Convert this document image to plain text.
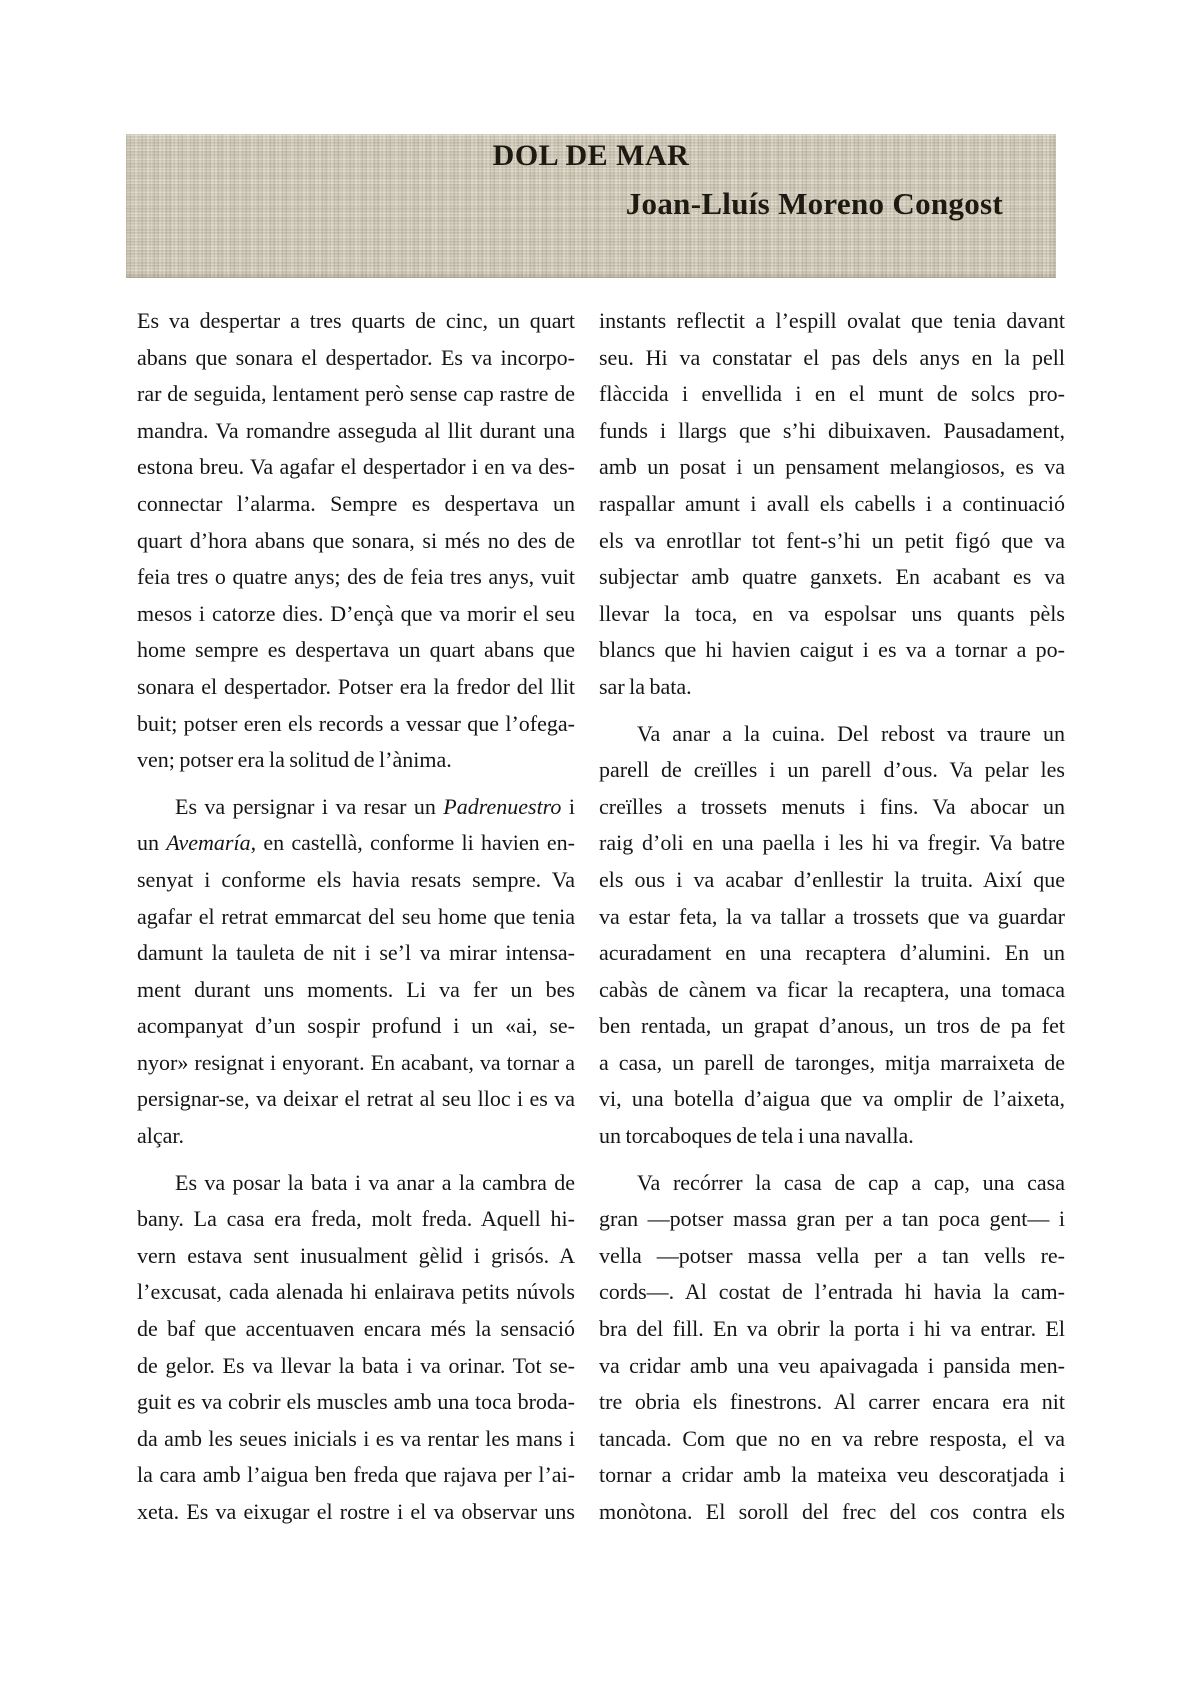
DOL DE MAR
Joan-Lluís Moreno Congost
Es va despertar a tres quarts de cinc, un quart
abans que sonara el despertador. Es va incorpo-
rar de seguida, lentament però sense cap rastre de
mandra. Va romandre asseguda al llit durant una
estona breu. Va agafar el despertador i en va des-
connectar l’alarma. Sempre es despertava un
quart d’hora abans que sonara, si més no des de
feia tres o quatre anys; des de feia tres anys, vuit
mesos i catorze dies. D’ençà que va morir el seu
home sempre es despertava un quart abans que
sonara el despertador. Potser era la fredor del llit
buit; potser eren els records a vessar que l’ofega-
ven; potser era la solitud de l’ànima.
Es va persignar i va resar un Padrenuestro i
un Avemaría, en castellà, conforme li havien en-
senyat i conforme els havia resats sempre. Va
agafar el retrat emmarcat del seu home que tenia
damunt la tauleta de nit i se’l va mirar intensa-
ment durant uns moments. Li va fer un bes
acompanyat d’un sospir profund i un «ai, se-
nyor» resignat i enyorant. En acabant, va tornar a
persignar-se, va deixar el retrat al seu lloc i es va
alçar.
Es va posar la bata i va anar a la cambra de
bany. La casa era freda, molt freda. Aquell hi-
vern estava sent inusualment gèlid i grisós. A
l’excusat, cada alenada hi enlairava petits núvols
de baf que accentuaven encara més la sensació
de gelor. Es va llevar la bata i va orinar. Tot se-
guit es va cobrir els muscles amb una toca broda-
da amb les seues inicials i es va rentar les mans i
la cara amb l’aigua ben freda que rajava per l’ai-
xeta. Es va eixugar el rostre i el va observar uns
instants reflectit a l’espill ovalat que tenia davant
seu. Hi va constatar el pas dels anys en la pell
flàccida i envellida i en el munt de solcs pro-
funds i llargs que s’hi dibuixaven. Pausadament,
amb un posat i un pensament melangiosos, es va
raspallar amunt i avall els cabells i a continuació
els va enrotllar tot fent-s’hi un petit figó que va
subjectar amb quatre ganxets. En acabant es va
llevar la toca, en va espolsar uns quants pèls
blancs que hi havien caigut i es va a tornar a po-
sar la bata.
Va anar a la cuina. Del rebost va traure un
parell de creïlles i un parell d’ous. Va pelar les
creïlles a trossets menuts i fins. Va abocar un
raig d’oli en una paella i les hi va fregir. Va batre
els ous i va acabar d’enllestir la truita. Així que
va estar feta, la va tallar a trossets que va guardar
acuradament en una recaptera d’alumini. En un
cabàs de cànem va ficar la recaptera, una tomaca
ben rentada, un grapat d’anous, un tros de pa fet
a casa, un parell de taronges, mitja marraixeta de
vi, una botella d’aigua que va omplir de l’aixeta,
un torcaboques de tela i una navalla.
Va recórrer la casa de cap a cap, una casa
gran —potser massa gran per a tan poca gent— i
vella —potser massa vella per a tan vells re-
cords—. Al costat de l’entrada hi havia la cam-
bra del fill. En va obrir la porta i hi va entrar. El
va cridar amb una veu apaivagada i pansida men-
tre obria els finestrons. Al carrer encara era nit
tancada. Com que no en va rebre resposta, el va
tornar a cridar amb la mateixa veu descoratjada i
monòtona. El soroll del frec del cos contra els
